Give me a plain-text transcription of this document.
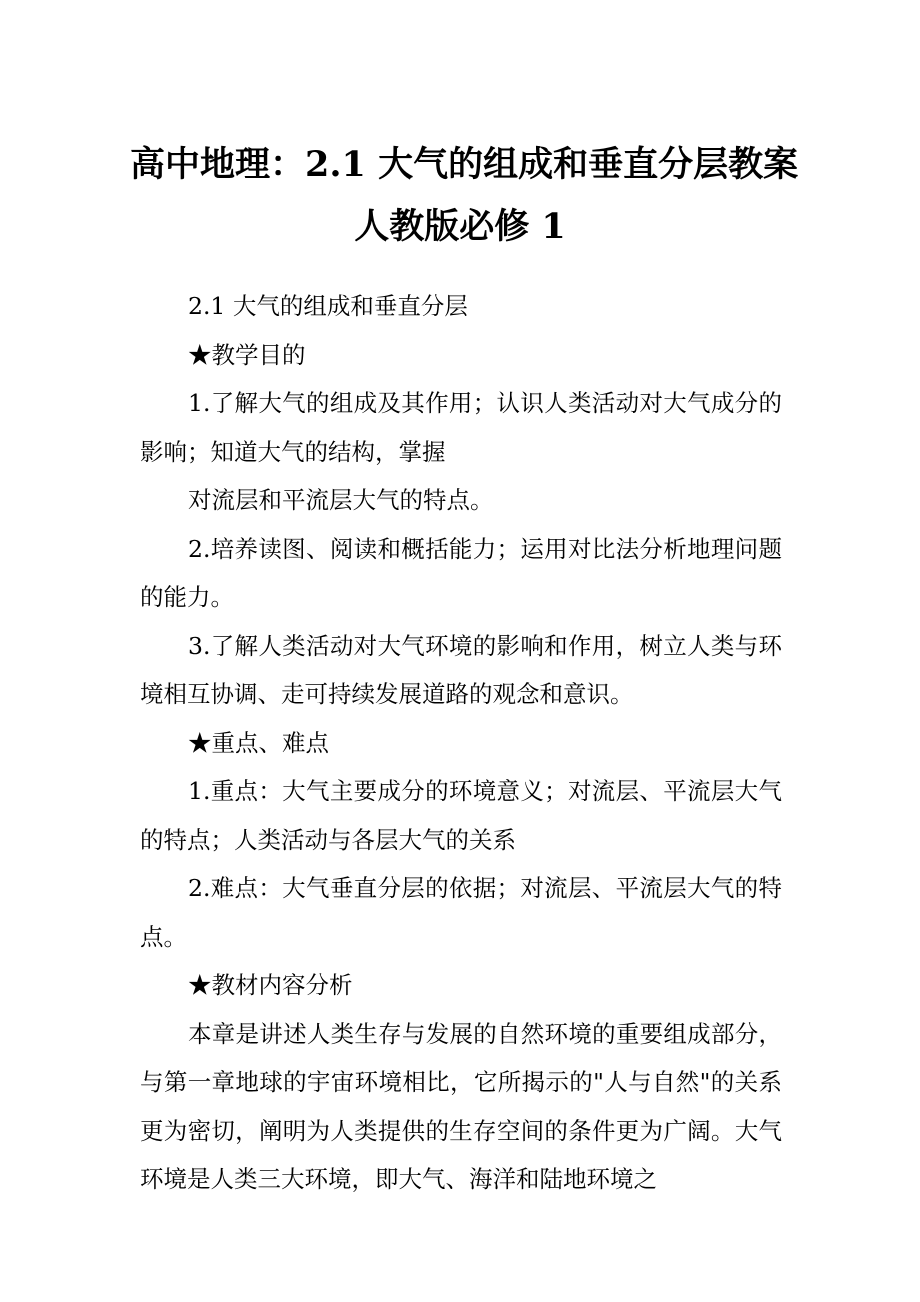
高中地理：2.1 大气的组成和垂直分层教案
人教版必修 1

2.1 大气的组成和垂直分层

★教学目的

1.了解大气的组成及其作用；认识人类活动对大气成分的影响；知道大气的结构，掌握

对流层和平流层大气的特点。

2.培养读图、阅读和概括能力；运用对比法分析地理问题的能力。

3.了解人类活动对大气环境的影响和作用，树立人类与环境相互协调、走可持续发展道路的观念和意识。

★重点、难点

1.重点：大气主要成分的环境意义；对流层、平流层大气的特点；人类活动与各层大气的关系

2.难点：大气垂直分层的依据；对流层、平流层大气的特点。

★教材内容分析

本章是讲述人类生存与发展的自然环境的重要组成部分，与第一章地球的宇宙环境相比，它所揭示的"人与自然"的关系更为密切，阐明为人类提供的生存空间的条件更为广阔。大气环境是人类三大环境，即大气、海洋和陆地环境之
